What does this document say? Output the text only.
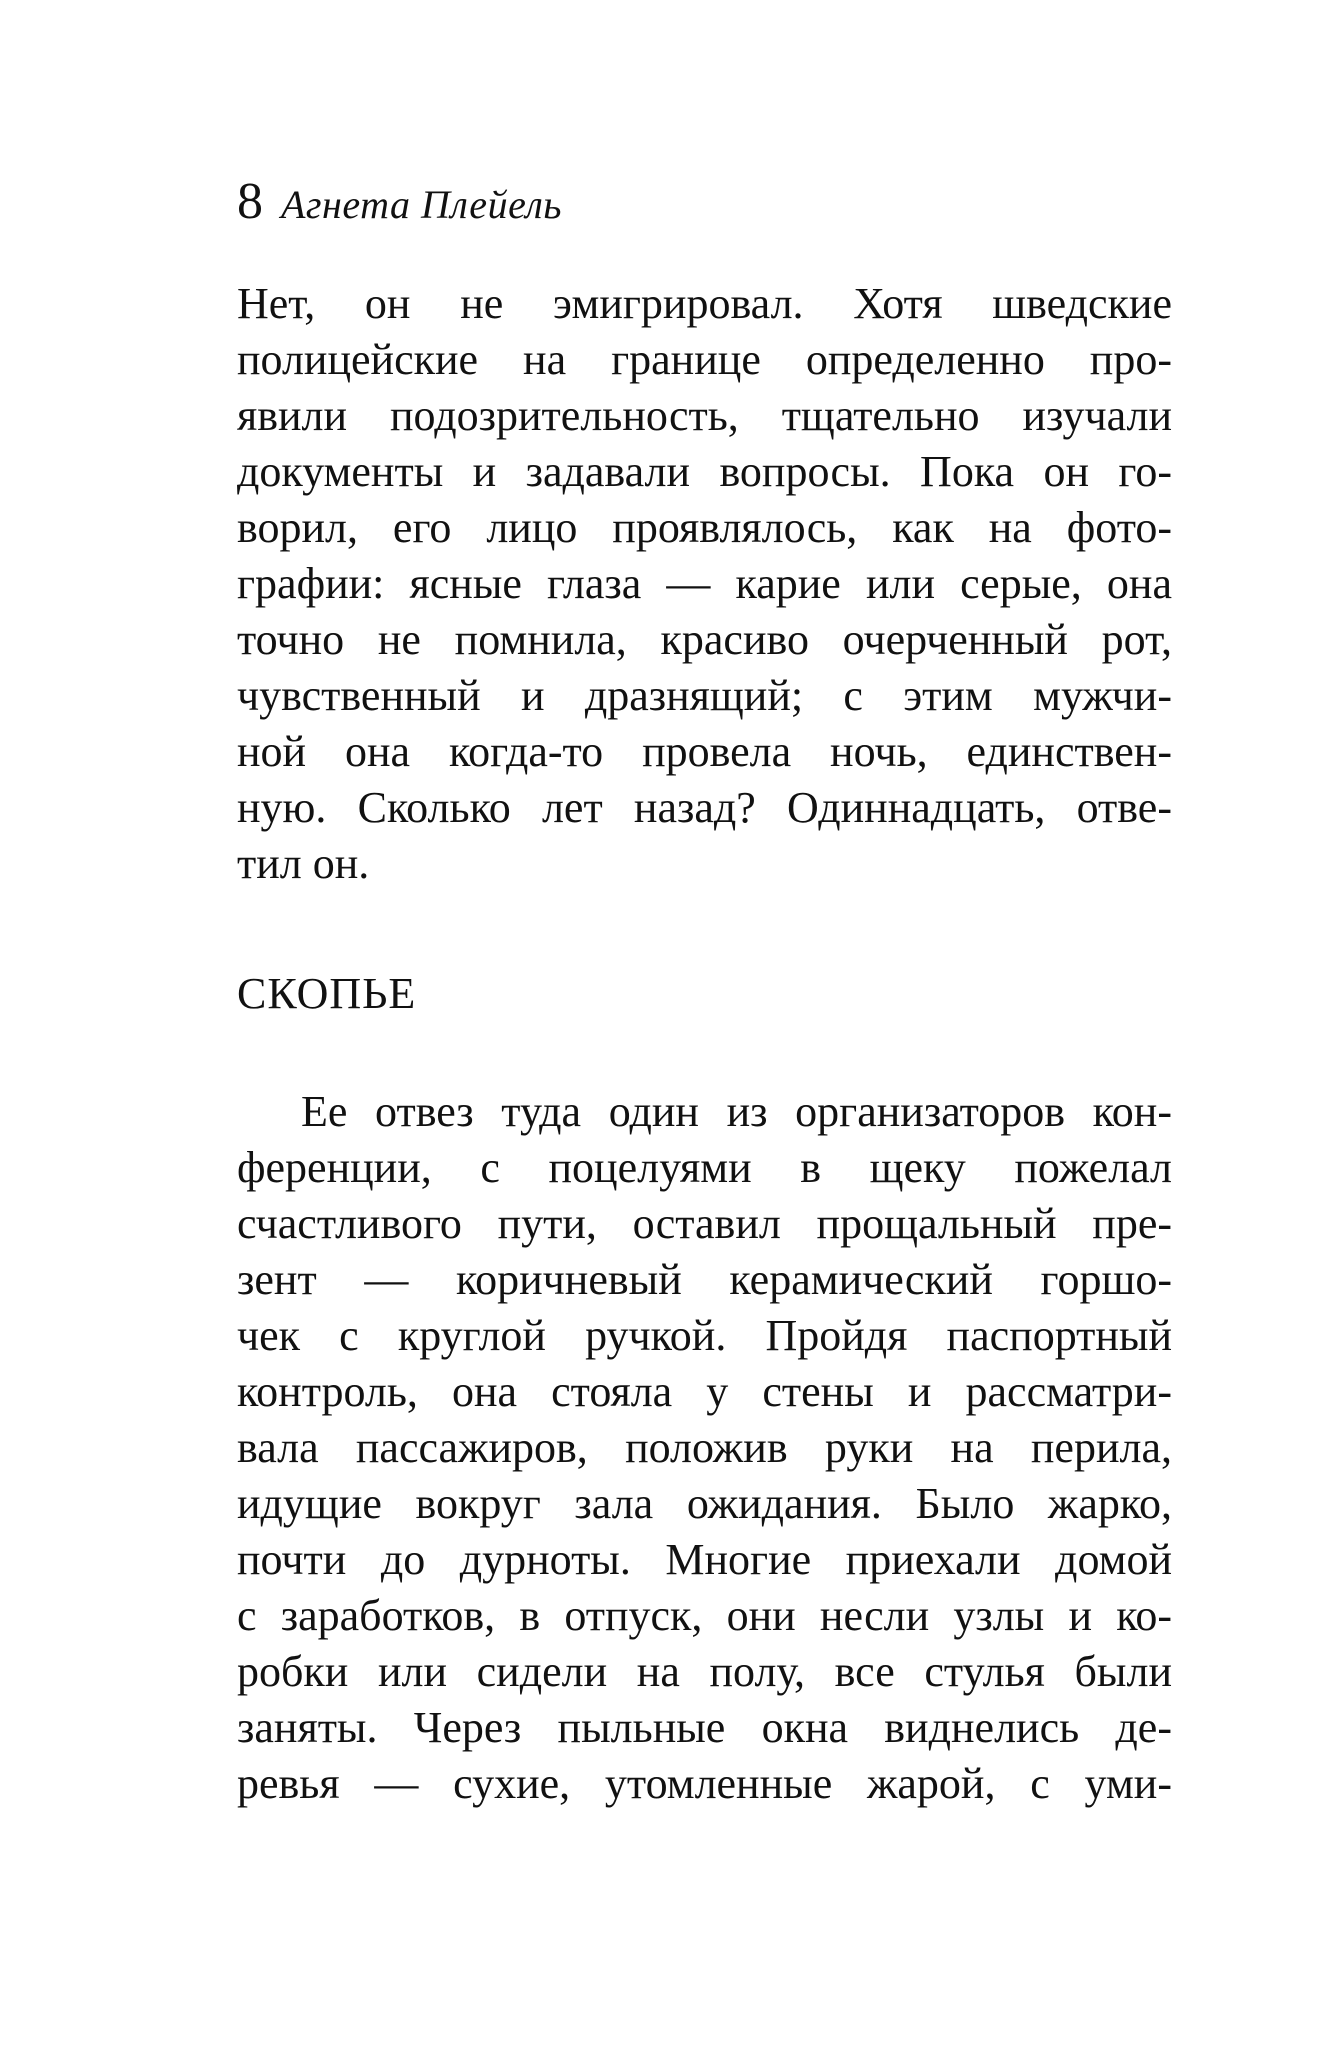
8 Агнета Плейель
Нет, он не эмигрировал. Хотя шведские
полицейские на границе определенно про-
явили подозрительность, тщательно изучали
документы и задавали вопросы. Пока он го-
ворил, его лицо проявлялось, как на фото-
графии: ясные глаза — карие или серые, она
точно не помнила, красиво очерченный рот,
чувственный и дразнящий; с этим мужчи-
ной она когда-то провела ночь, единствен-
ную. Сколько лет назад? Одиннадцать, отве-
тил он.
СКОПЬЕ
Ее отвез туда один из организаторов кон-
ференции, с поцелуями в щеку пожелал
счастливого пути, оставил прощальный пре-
зент — коричневый керамический горшо-
чек с круглой ручкой. Пройдя паспортный
контроль, она стояла у стены и рассматри-
вала пассажиров, положив руки на перила,
идущие вокруг зала ожидания. Было жарко,
почти до дурноты. Многие приехали домой
с заработков, в отпуск, они несли узлы и ко-
робки или сидели на полу, все стулья были
заняты. Через пыльные окна виднелись де-
ревья — сухие, утомленные жарой, с уми-
